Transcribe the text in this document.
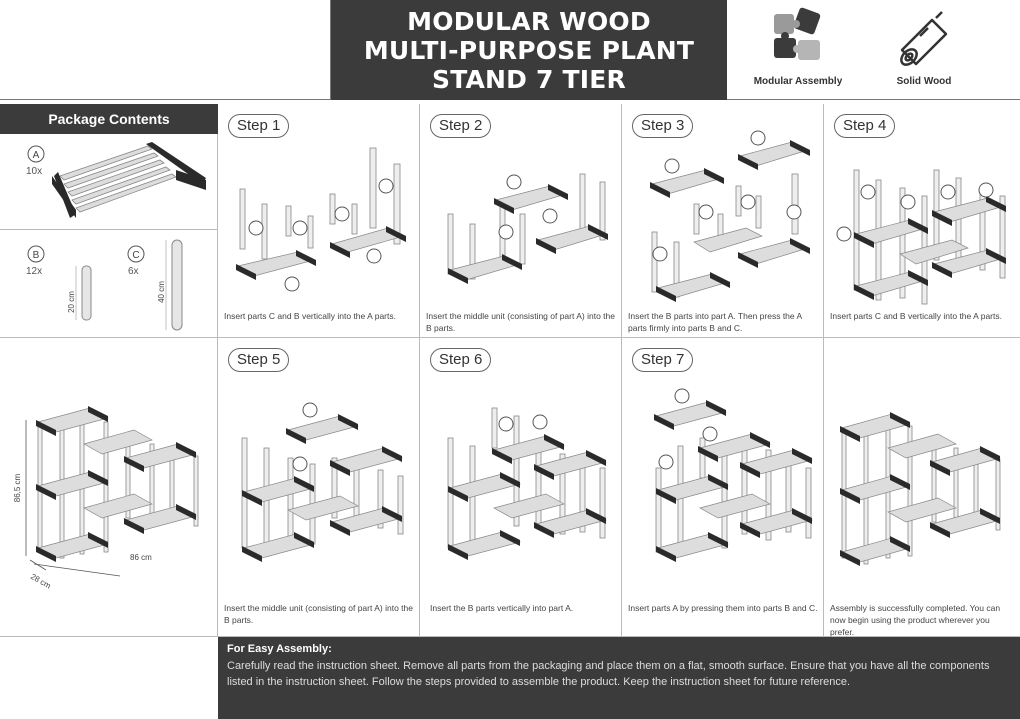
MODULAR WOOD
MULTI-PURPOSE PLANT
STAND 7 TIER	Modular Assembly	Solid Wood
Package Contents
A
10x
B
12x
20 cm
C
6x
40 cm
Step 1
Insert parts C and B vertically into the A parts.
Step 2
Insert the middle unit (consisting of part A) into the B parts.
Step 3
Insert the B parts into part A. Then press the A parts firmly into parts B and C.
Step 4
Insert parts C and B vertically into the A parts.
86,5 cm
86 cm
28 cm
Step 5
Insert the middle unit (consisting of part A) into the B parts.
Step 6
Insert the B parts vertically into part A.
Step 7
Insert parts A by pressing them into parts B and C. Assembly is successfully completed. You can now begin using the product wherever you prefer.
For Easy Assembly:
Carefully read the instruction sheet. Remove all parts from the packaging and place them on a flat, smooth surface. Ensure that you have all the components listed in the instruction sheet. Follow the steps provided to assemble the product. Keep the instruction sheet for future reference.
